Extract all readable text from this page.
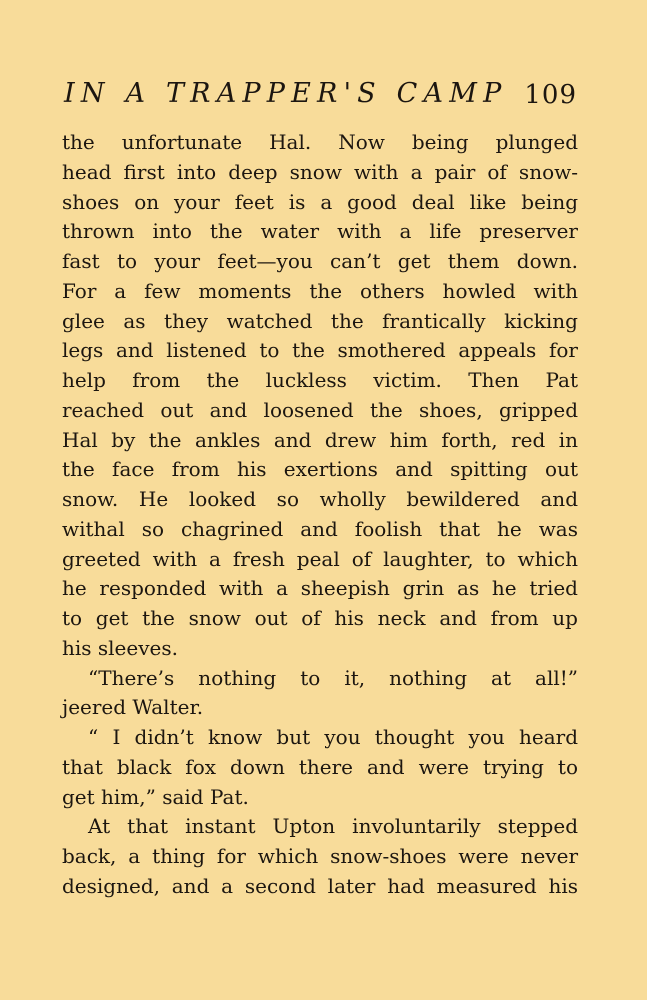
IN A TRAPPER'S CAMP 109
the unfortunate Hal. Now being plunged
head first into deep snow with a pair of snow-
shoes on your feet is a good deal like being
thrown into the water with a life preserver
fast to your feet—you can’t get them down.
For a few moments the others howled with
glee as they watched the frantically kicking
legs and listened to the smothered appeals for
help from the luckless victim. Then Pat
reached out and loosened the shoes, gripped
Hal by the ankles and drew him forth, red in
the face from his exertions and spitting out
snow. He looked so wholly bewildered and
withal so chagrined and foolish that he was
greeted with a fresh peal of laughter, to which
he responded with a sheepish grin as he tried
to get the snow out of his neck and from up
his sleeves.
“There’s nothing to it, nothing at all!”
jeered Walter.
“ I didn’t know but you thought you heard
that black fox down there and were trying to
get him,” said Pat.
At that instant Upton involuntarily stepped
back, a thing for which snow-shoes were never
designed, and a second later had measured his
